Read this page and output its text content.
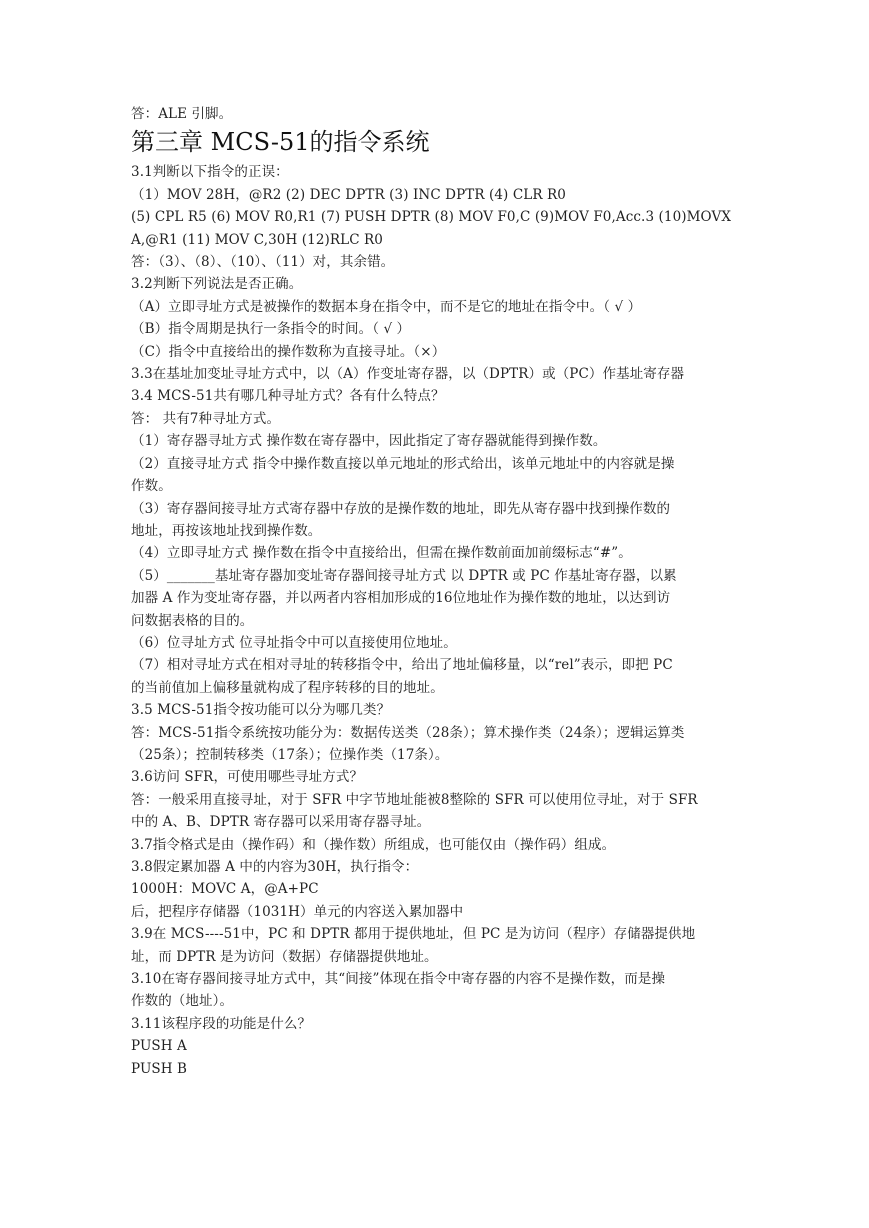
答：ALE 引脚。
第三章 MCS-51的指令系统
3.1判断以下指令的正误：
（1）MOV 28H，@R2 (2) DEC DPTR (3) INC DPTR (4) CLR R0
(5) CPL R5 (6) MOV R0,R1 (7) PUSH DPTR (8) MOV F0,C (9)MOV F0,Acc.3 (10)MOVX
A,@R1 (11) MOV C,30H (12)RLC R0
答：（3）、（8）、（10）、（11）对，其余错。
3.2判断下列说法是否正确。
（A）立即寻址方式是被操作的数据本身在指令中，而不是它的地址在指令中。（ √ ）
（B）指令周期是执行一条指令的时间。（ √ ）
（C）指令中直接给出的操作数称为直接寻址。（×）
3.3在基址加变址寻址方式中，以（A）作变址寄存器，以（DPTR）或（PC）作基址寄存器
3.4 MCS-51共有哪几种寻址方式？各有什么特点？
答： 共有7种寻址方式。
（1）寄存器寻址方式 操作数在寄存器中，因此指定了寄存器就能得到操作数。
（2）直接寻址方式 指令中操作数直接以单元地址的形式给出，该单元地址中的内容就是操
作数。
（3）寄存器间接寻址方式寄存器中存放的是操作数的地址，即先从寄存器中找到操作数的
地址，再按该地址找到操作数。
（4）立即寻址方式 操作数在指令中直接给出，但需在操作数前面加前缀标志“#”。
（5）_______基址寄存器加变址寄存器间接寻址方式 以 DPTR 或 PC 作基址寄存器，以累
加器 A 作为变址寄存器，并以两者内容相加形成的16位地址作为操作数的地址，以达到访
问数据表格的目的。
（6）位寻址方式 位寻址指令中可以直接使用位地址。
（7）相对寻址方式在相对寻址的转移指令中，给出了地址偏移量，以“rel”表示，即把 PC
的当前值加上偏移量就构成了程序转移的目的地址。
3.5 MCS-51指令按功能可以分为哪几类？
答：MCS-51指令系统按功能分为：数据传送类（28条）；算术操作类（24条）；逻辑运算类
（25条）；控制转移类（17条）；位操作类（17条）。
3.6访问 SFR，可使用哪些寻址方式？
答：一般采用直接寻址，对于 SFR 中字节地址能被8整除的 SFR 可以使用位寻址，对于 SFR
中的 A、B、DPTR 寄存器可以采用寄存器寻址。
3.7指令格式是由（操作码）和（操作数）所组成，也可能仅由（操作码）组成。
3.8假定累加器 A 中的内容为30H，执行指令：
1000H：MOVC A，@A+PC
后，把程序存储器（1031H）单元的内容送入累加器中
3.9在 MCS----51中，PC 和 DPTR 都用于提供地址，但 PC 是为访问（程序）存储器提供地
址，而 DPTR 是为访问（数据）存储器提供地址。
3.10在寄存器间接寻址方式中，其“间接”体现在指令中寄存器的内容不是操作数，而是操
作数的（地址）。
3.11该程序段的功能是什么？
PUSH A
PUSH B
